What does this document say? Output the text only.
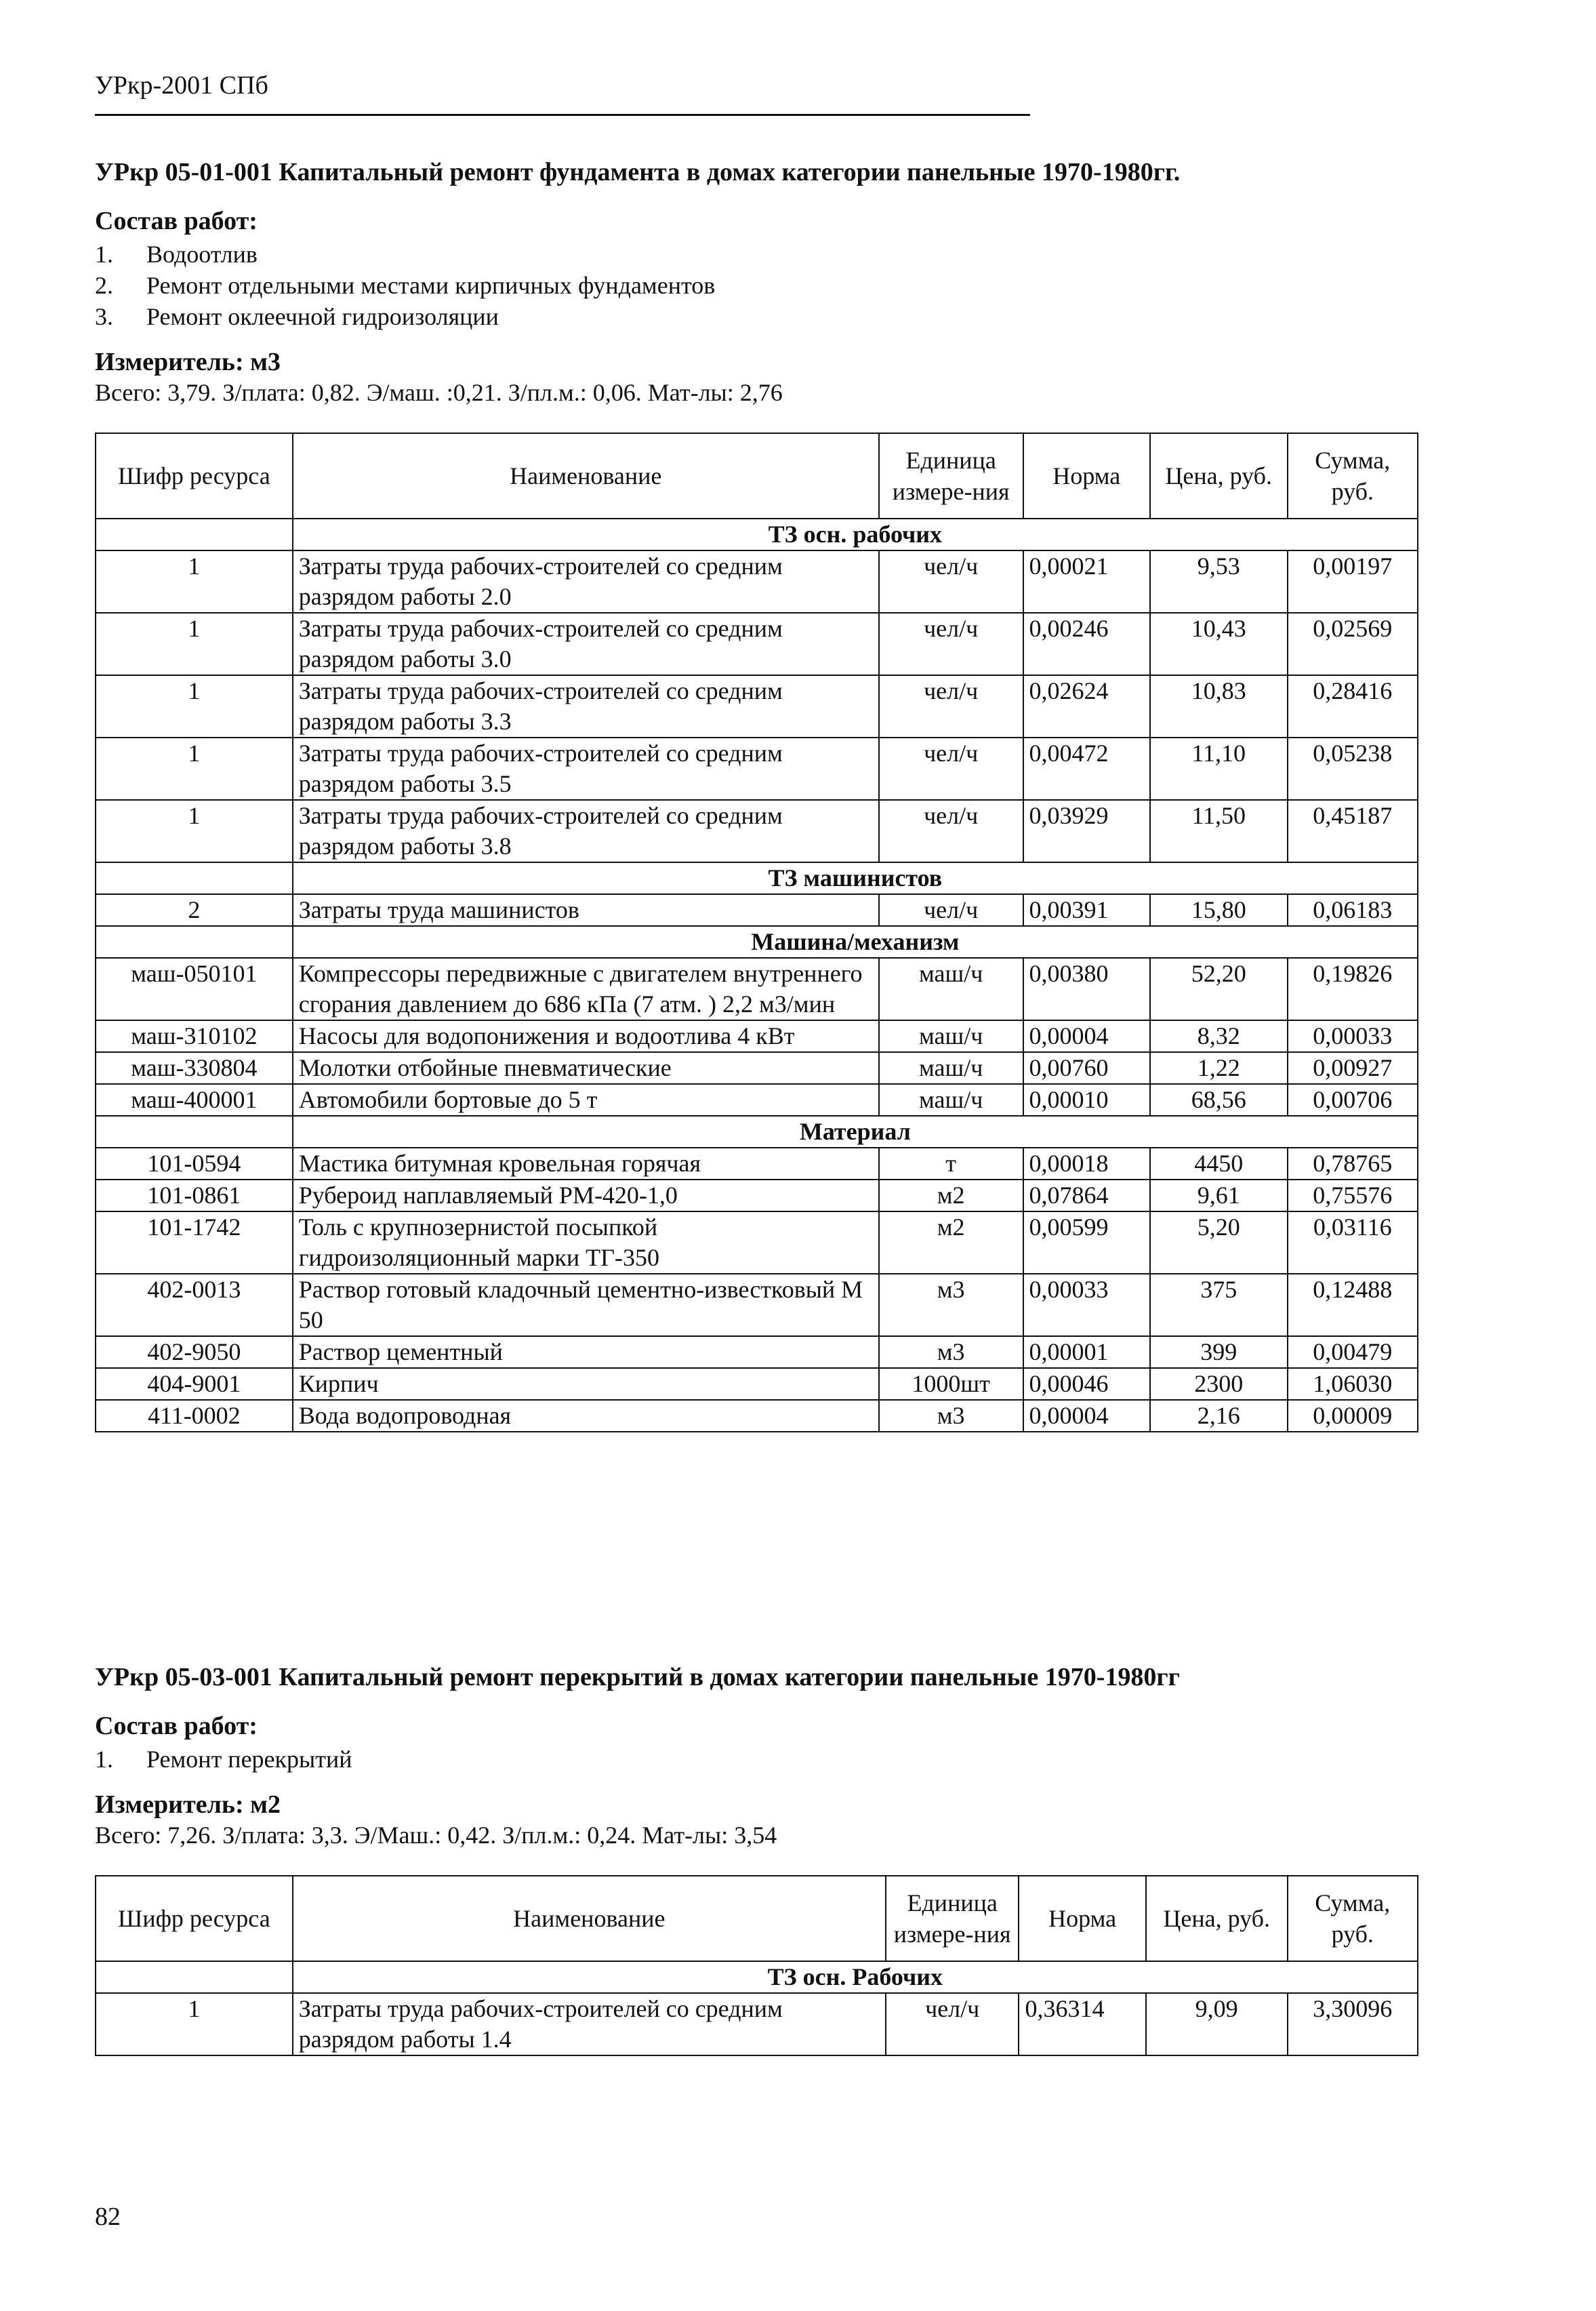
УРкр-2001 СПб
УРкр 05-01-001 Капитальный ремонт фундамента в домах категории панельные 1970-1980гг.
Состав работ:
1.	Водоотлив
2.	Ремонт отдельными местами кирпичных фундаментов
3.	Ремонт оклеечной гидроизоляции
Измеритель: м3
Всего: 3,79. З/плата: 0,82. Э/маш. :0,21. З/пл.м.: 0,06. Мат-лы: 2,76
Шифр ресурса	Наименование	Единица измере-ния	Норма	Цена, руб.	Сумма, руб.
	ТЗ осн. рабочих				
1	Затраты труда рабочих-строителей со средним разрядом работы 2.0	чел/ч	0,00021	9,53	0,00197
1	Затраты труда рабочих-строителей со средним разрядом работы 3.0	чел/ч	0,00246	10,43	0,02569
1	Затраты труда рабочих-строителей со средним разрядом работы 3.3	чел/ч	0,02624	10,83	0,28416
1	Затраты труда рабочих-строителей со средним разрядом работы 3.5	чел/ч	0,00472	11,10	0,05238
1	Затраты труда рабочих-строителей со средним разрядом работы 3.8	чел/ч	0,03929	11,50	0,45187
	ТЗ машинистов				
2	Затраты труда машинистов	чел/ч	0,00391	15,80	0,06183
	Машина/механизм				
маш-050101	Компрессоры передвижные с двигателем внутреннего сгорания давлением до 686 кПа (7 атм. ) 2,2 м3/мин	маш/ч	0,00380	52,20	0,19826
маш-310102	Насосы для водопонижения и водоотлива 4 кВт	маш/ч	0,00004	8,32	0,00033
маш-330804	Молотки отбойные пневматические	маш/ч	0,00760	1,22	0,00927
маш-400001	Автомобили бортовые до 5 т	маш/ч	0,00010	68,56	0,00706
	Материал				
101-0594	Мастика битумная кровельная горячая	т	0,00018	4450	0,78765
101-0861	Рубероид наплавляемый РМ-420-1,0	м2	0,07864	9,61	0,75576
101-1742	Толь с крупнозернистой посыпкой гидроизоляционный марки ТГ-350	м2	0,00599	5,20	0,03116
402-0013	Раствор готовый кладочный цементно-известковый М 50	м3	0,00033	375	0,12488
402-9050	Раствор цементный	м3	0,00001	399	0,00479
404-9001	Кирпич	1000шт	0,00046	2300	1,06030
411-0002	Вода водопроводная	м3	0,00004	2,16	0,00009
УРкр 05-03-001 Капитальный ремонт перекрытий в домах категории панельные 1970-1980гг
Состав работ:
1.	Ремонт перекрытий
Измеритель: м2
Всего: 7,26. З/плата: 3,3. Э/Маш.: 0,42. З/пл.м.: 0,24. Мат-лы: 3,54
Шифр ресурса	Наименование	Единица измере-ния	Норма	Цена, руб.	Сумма, руб.
	ТЗ осн. Рабочих				
1	Затраты труда рабочих-строителей со средним разрядом работы 1.4	чел/ч	0,36314	9,09	3,30096
82
